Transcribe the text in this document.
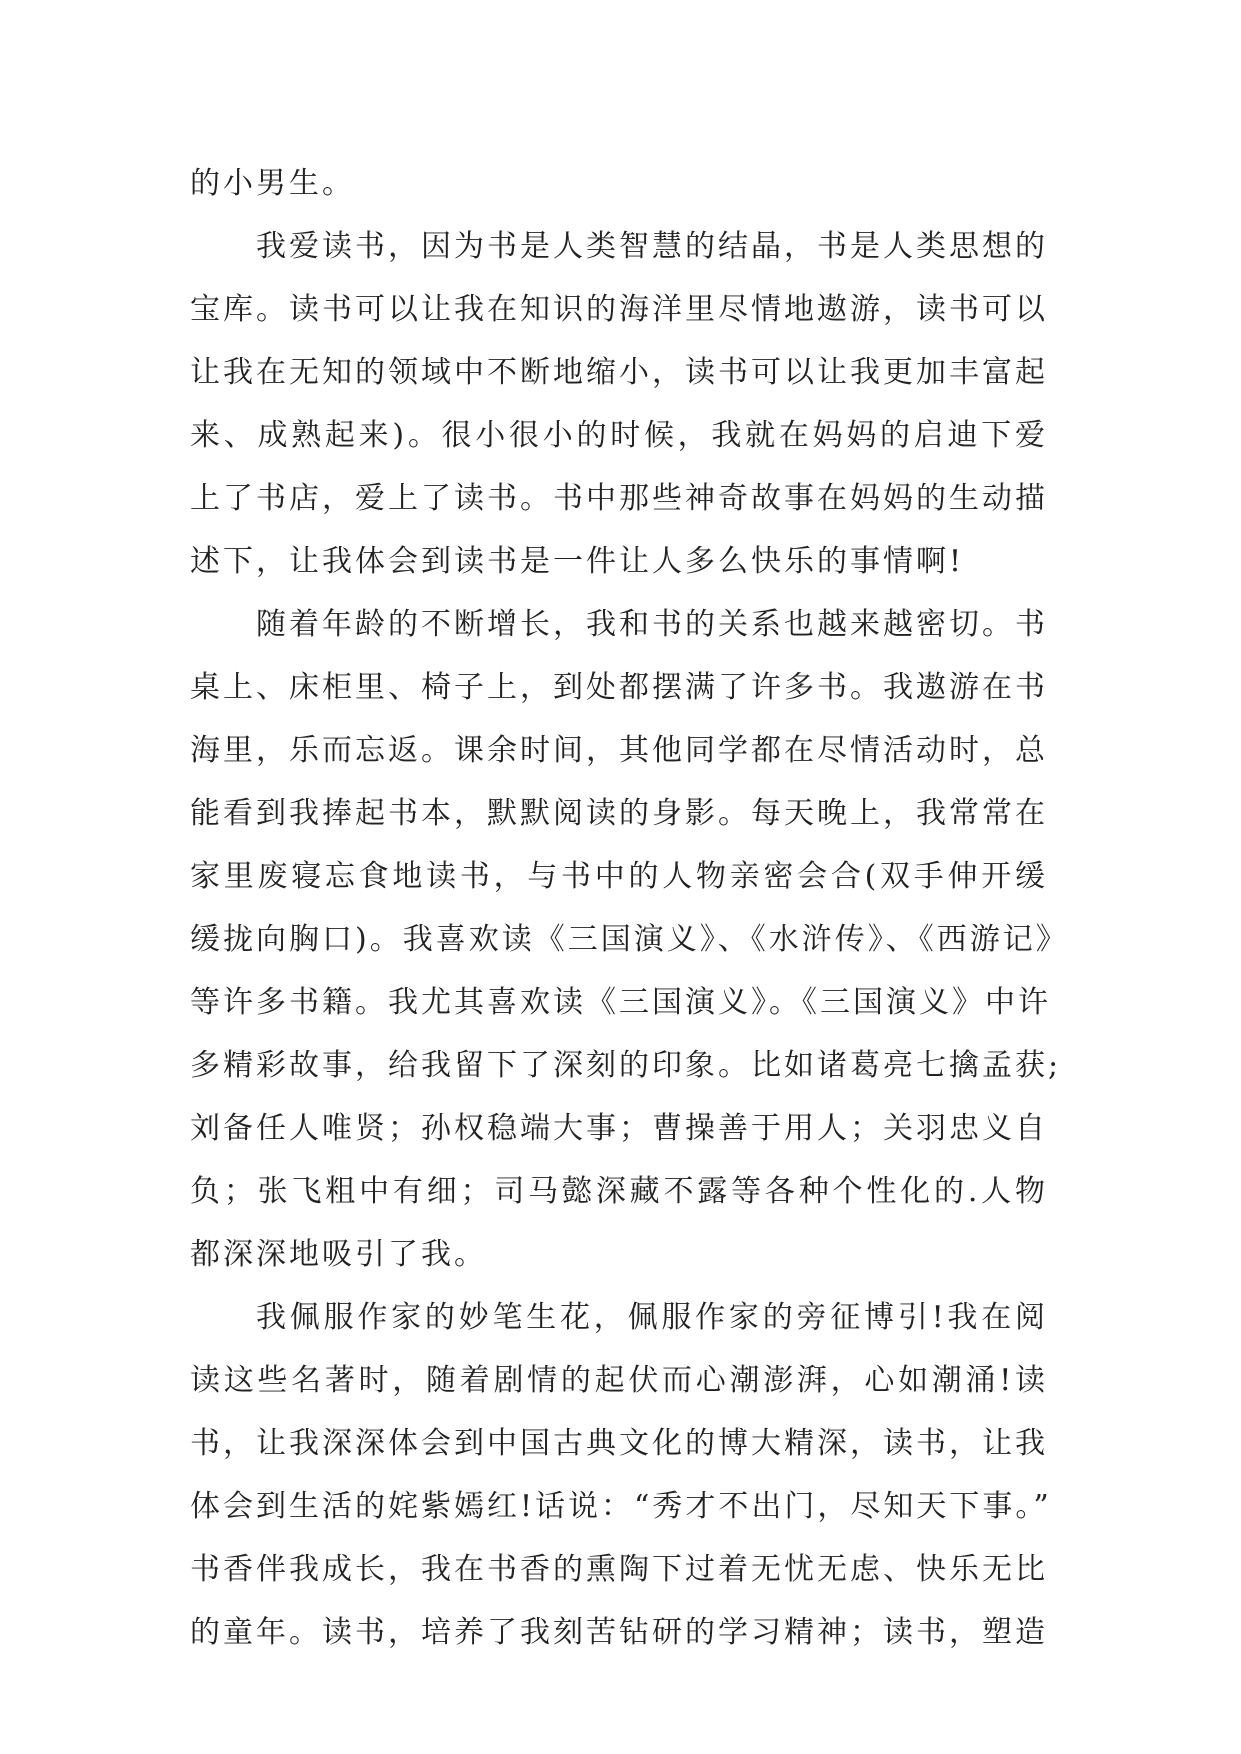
的小男生。
我爱读书，因为书是人类智慧的结晶，书是人类思想的
宝库。读书可以让我在知识的海洋里尽情地遨游，读书可以
让我在无知的领域中不断地缩小，读书可以让我更加丰富起
来、成熟起来)。很小很小的时候，我就在妈妈的启迪下爱
上了书店，爱上了读书。书中那些神奇故事在妈妈的生动描
述下，让我体会到读书是一件让人多么快乐的事情啊!
随着年龄的不断增长，我和书的关系也越来越密切。书
桌上、床柜里、椅子上，到处都摆满了许多书。我遨游在书
海里，乐而忘返。课余时间，其他同学都在尽情活动时，总
能看到我捧起书本，默默阅读的身影。每天晚上，我常常在
家里废寝忘食地读书，与书中的人物亲密会合(双手伸开缓
缓拢向胸口)。我喜欢读《三国演义》、《水浒传》、《西游记》
等许多书籍。我尤其喜欢读《三国演义》。《三国演义》中许
多精彩故事，给我留下了深刻的印象。比如诸葛亮七擒孟获;
刘备任人唯贤；孙权稳端大事；曹操善于用人；关羽忠义自
负；张飞粗中有细；司马懿深藏不露等各种个性化的.人物
都深深地吸引了我。
我佩服作家的妙笔生花，佩服作家的旁征博引!我在阅
读这些名著时，随着剧情的起伏而心潮澎湃，心如潮涌!读
书，让我深深体会到中国古典文化的博大精深，读书，让我
体会到生活的姹紫嫣红!话说：“秀才不出门，尽知天下事。”
书香伴我成长，我在书香的熏陶下过着无忧无虑、快乐无比
的童年。读书，培养了我刻苦钻研的学习精神；读书，塑造
